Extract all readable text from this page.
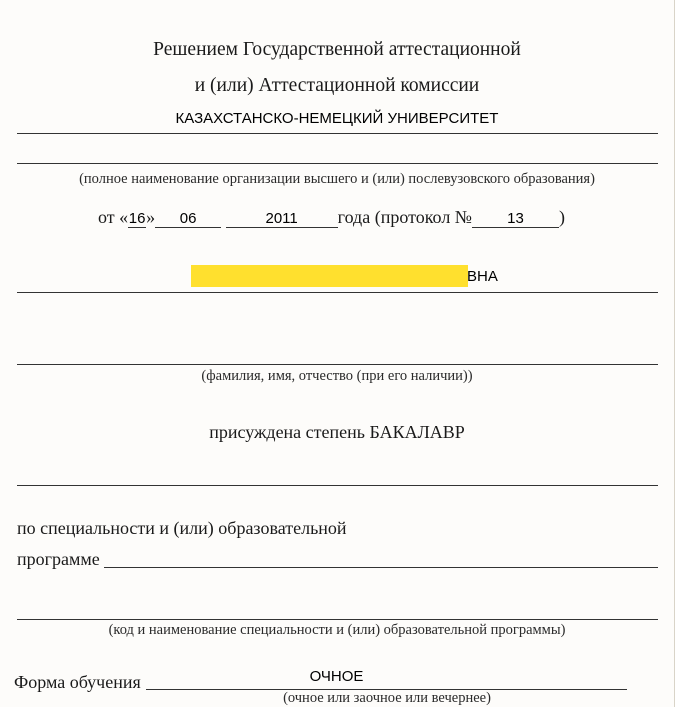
Решением Государственной аттестационной
и (или) Аттестационной комиссии
КАЗАХСТАНСКО-НЕМЕЦКИЙ УНИВЕРСИТЕТ
(полное наименование организации высшего и (или) послевузовского образования)
от «16» 06	2011 года (протокол № 13 )
ВНА
(фамилия, имя, отчество (при его наличии))
присуждена степень БАКАЛАВР
по специальности и (или) образовательной
программе
(код и наименование специальности и (или) образовательной программы)
Форма обучения	ОЧНОЕ
(очное или заочное или вечернее)
